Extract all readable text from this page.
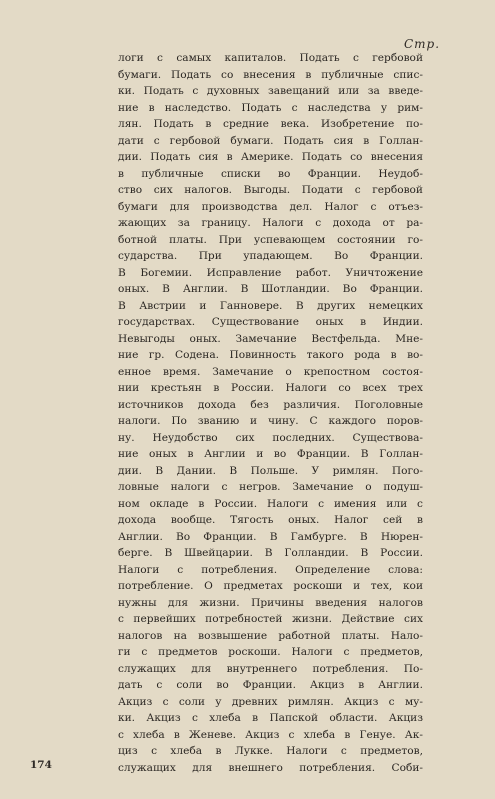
Стр.
логи с самых капиталов. Подать с гербовой
бумаги. Подать со внесения в публичные спис-
ки. Подать с духовных завещаний или за введе-
ние в наследство. Подать с наследства у рим-
лян. Подать в средние века. Изобретение по-
дати с гербовой бумаги. Подать сия в Голлан-
дии. Подать сия в Америке. Подать со внесения
в публичные списки во Франции. Неудоб-
ство сих налогов. Выгоды. Подати с гербовой
бумаги для производства дел. Налог с отъез-
жающих за границу. Налоги с дохода от ра-
ботной платы. При успевающем состоянии го-
сударства. При упадающем. Во Франции.
В Богемии. Исправление работ. Уничтожение
оных. В Англии. В Шотландии. Во Франции.
В Австрии и Ганновере. В других немецких
государствах. Существование оных в Индии.
Невыгоды оных. Замечание Вестфельда. Мне-
ние гр. Содена. Повинность такого рода в во-
енное время. Замечание о крепостном состоя-
нии крестьян в России. Налоги со всех трех
источников дохода без различия. Поголовные
налоги. По званию и чину. С каждого поров-
ну. Неудобство сих последних. Существова-
ние оных в Англии и во Франции. В Голлан-
дии. В Дании. В Польше. У римлян. Пого-
ловные налоги с негров. Замечание о подуш-
ном окладе в России. Налоги с имения или с
дохода вообще. Тягость оных. Налог сей в
Англии. Во Франции. В Гамбурге. В Нюрен-
берге. В Швейцарии. В Голландии. В России.
Налоги с потребления. Определение слова:
потребление. О предметах роскоши и тех, кои
нужны для жизни. Причины введения налогов
с первейших потребностей жизни. Действие сих
налогов на возвышение работной платы. Нало-
ги с предметов роскоши. Налоги с предметов,
служащих для внутреннего потребления. По-
дать с соли во Франции. Акциз в Англии.
Акциз с соли у древних римлян. Акциз с му-
ки. Акциз с хлеба в Папской области. Акциз
с хлеба в Женеве. Акциз с хлеба в Генуе. Ак-
циз с хлеба в Лукке. Налоги с предметов,
служащих для внешнего потребления. Соби-
174
